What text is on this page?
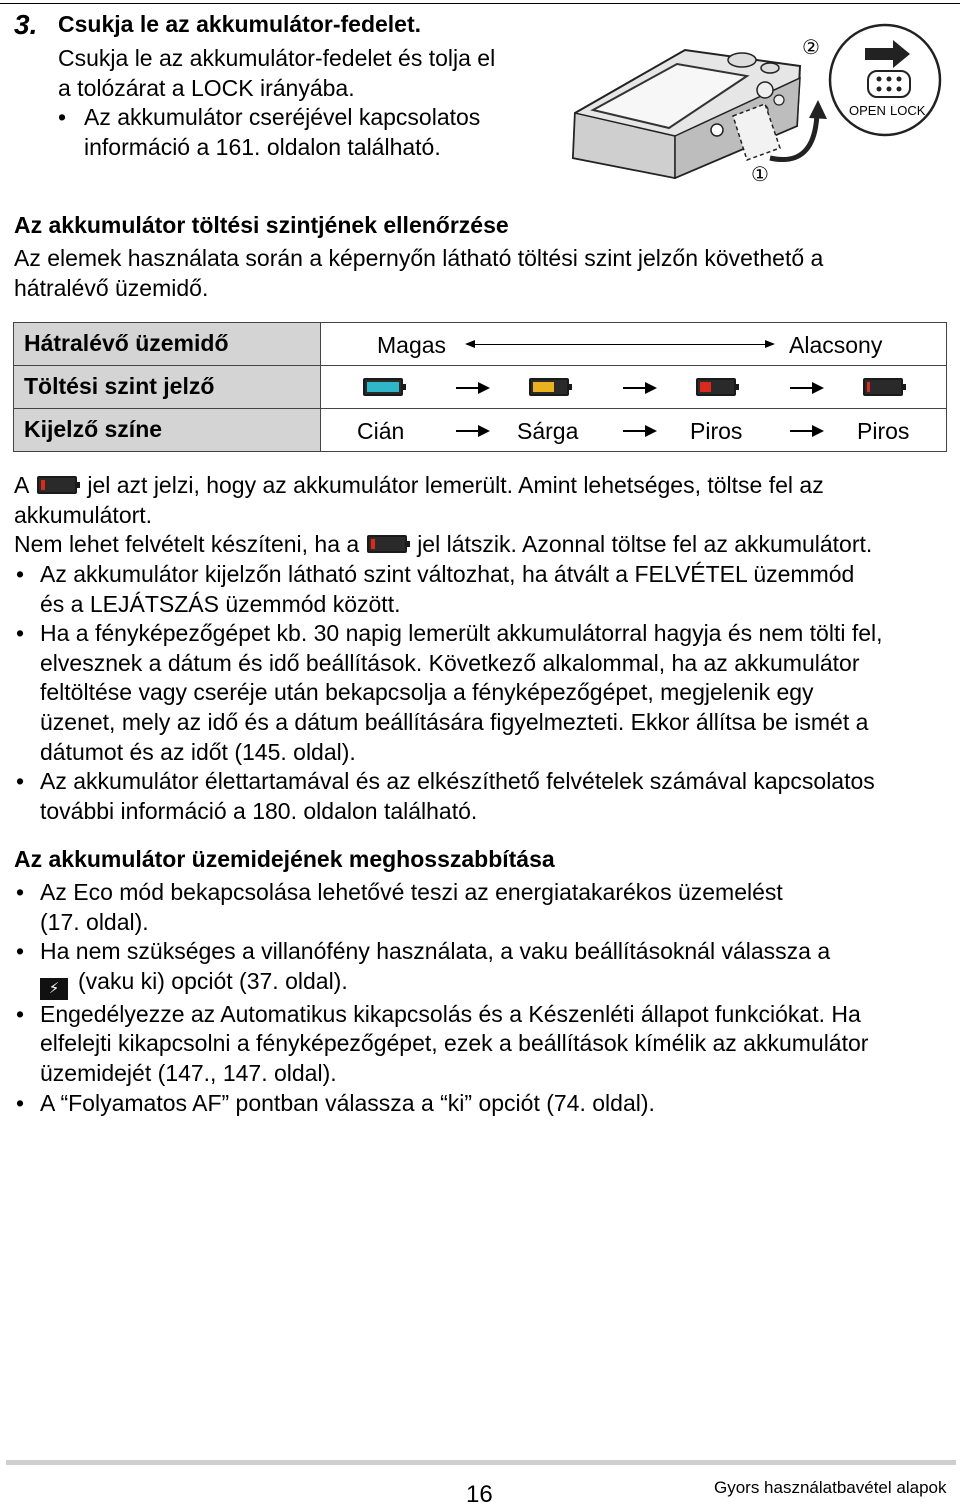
3. Csukja le az akkumulátor-fedelet.
Csukja le az akkumulátor-fedelet és tolja el
a tolózárat a LOCK irányába.
• Az akkumulátor cseréjével kapcsolatos
információ a 161. oldalon található.
OPEN LOCK
②
①
Az akkumulátor töltési szintjének ellenőrzése
Az elemek használata során a képernyőn látható töltési szint jelzőn követhető a
hátralévő üzemidő.
Hátralévő üzemidő	Magas Alacsony

Töltési szint jelző	

Kijelző színe	Cián Sárga Piros Piros
A	jel azt jelzi, hogy az akkumulátor lemerült. Amint lehetséges, töltse fel az
akkumulátort.
Nem lehet felvételt készíteni, ha a	jel látszik. Azonnal töltse fel az akkumulátort.
• Az akkumulátor kijelzőn látható szint változhat, ha átvált a FELVÉTEL üzemmód
és a LEJÁTSZÁS üzemmód között.
• Ha a fényképezőgépet kb. 30 napig lemerült akkumulátorral hagyja és nem tölti fel,
elvesznek a dátum és idő beállítások. Következő alkalommal, ha az akkumulátor
feltöltése vagy cseréje után bekapcsolja a fényképezőgépet, megjelenik egy
üzenet, mely az idő és a dátum beállítására figyelmezteti. Ekkor állítsa be ismét a
dátumot és az időt (145. oldal).
• Az akkumulátor élettartamával és az elkészíthető felvételek számával kapcsolatos
további információ a 180. oldalon található.
Az akkumulátor üzemidejének meghosszabbítása
• Az Eco mód bekapcsolása lehetővé teszi az energiatakarékos üzemelést
(17. oldal).
• Ha nem szükséges a villanófény használata, a vaku beállításoknál válassza a
⚡ (vaku ki) opciót (37. oldal).
• Engedélyezze az Automatikus kikapcsolás és a Készenléti állapot funkciókat. Ha
elfelejti kikapcsolni a fényképezőgépet, ezek a beállítások kímélik az akkumulátor
üzemidejét (147., 147. oldal).
• A “Folyamatos AF” pontban válassza a “ki” opciót (74. oldal).
16	Gyors használatbavétel alapok
